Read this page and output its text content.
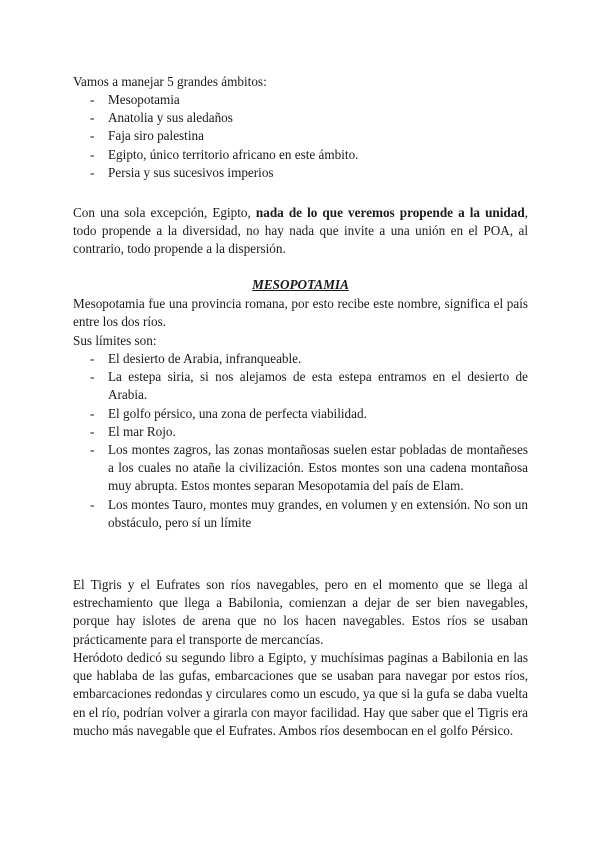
Vamos a manejar 5 grandes ámbitos:

- Mesopotamia
- Anatolia y sus aledaños
- Faja siro palestina
- Egipto, único territorio africano en este ámbito.
- Persia y sus sucesivos imperios

Con una sola excepción, Egipto, nada de lo que veremos propende a la unidad, todo propende a la diversidad, no hay nada que invite a una unión en el POA, al contrario, todo propende a la dispersión.

MESOPOTAMIA

Mesopotamia fue una provincia romana, por esto recibe este nombre, significa el país entre los dos ríos.

Sus límites son:

- El desierto de Arabia, infranqueable.
- La estepa siria, si nos alejamos de esta estepa entramos en el desierto de Arabia.
- El golfo pérsico, una zona de perfecta viabilidad.
- El mar Rojo.
- Los montes zagros, las zonas montañosas suelen estar pobladas de montañeses a los cuales no atañe la civilización. Estos montes son una cadena montañosa muy abrupta. Estos montes separan Mesopotamia del país de Elam.
- Los montes Tauro, montes muy grandes, en volumen y en extensión. No son un obstáculo, pero sí un límite

El Tigris y el Eufrates son ríos navegables, pero en el momento que se llega al estrechamiento que llega a Babilonia, comienzan a dejar de ser bien navegables, porque hay islotes de arena que no los hacen navegables. Estos ríos se usaban prácticamente para el transporte de mercancías.

Heródoto dedicó su segundo libro a Egipto, y muchísimas paginas a Babilonia en las que hablaba de las gufas, embarcaciones que se usaban para navegar por estos ríos, embarcaciones redondas y circulares como un escudo, ya que si la gufa se daba vuelta en el río, podrían volver a girarla con mayor facilidad. Hay que saber que el Tigris era mucho más navegable que el Eufrates. Ambos ríos desembocan en el golfo Pérsico.
